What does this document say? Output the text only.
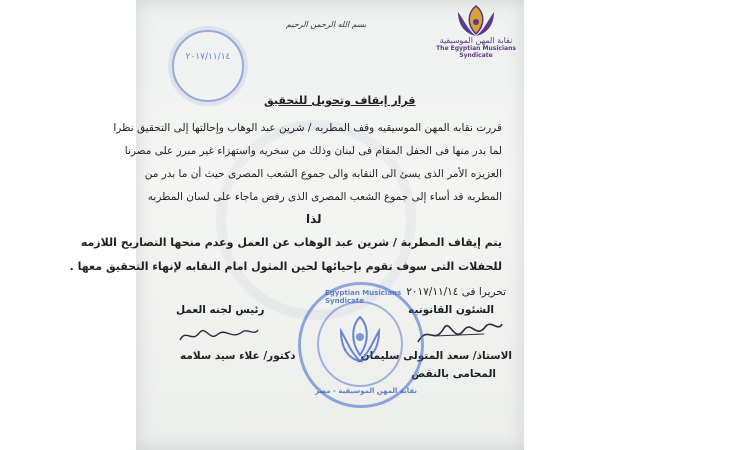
نقابة المهن الموسيقية
The Egyptian Musicians Syndicate
بسم الله الرحمن الرحيم
٢٠١٧/١١/١٤
قرار إيقاف وتحويل للتحقيق
قررت نقابه المهن الموسيقيه وقف المطربه / شرين عبد الوهاب وإحالتها إلى التحقيق نظرا
لما بدر منها فى الحفل المقام فى لبنان وذلك من سخريه واستهزاء غير مبرر على مصرنا
العزيزه الأمر الذى يسئ الى النقابه والى جموع الشعب المصرى حيث أن ما بدر من
المطربه قد أساء إلى جموع الشعب المصرى الذى رفض ماجاء على لسان المطربه
لذا
يتم إيقاف المطربة / شرين عبد الوهاب عن العمل وعدم منحها التصاريح اللازمه
للحفلات التى سوف تقوم بإحيائها لحين المثول امام النقابه لإنهاء التحقيق معها .
تحريرا فى ٢٠١٧/١١/١٤
الشئون القانونيه
الاستاذ/ سعد المتولى سليمان
المحامى بالنقض
رئيس لجنه العمل
دكتور/ علاء سيد سلامه
Egyptian Musicians Syndicate
نقابة المهن الموسيقية - مصر
